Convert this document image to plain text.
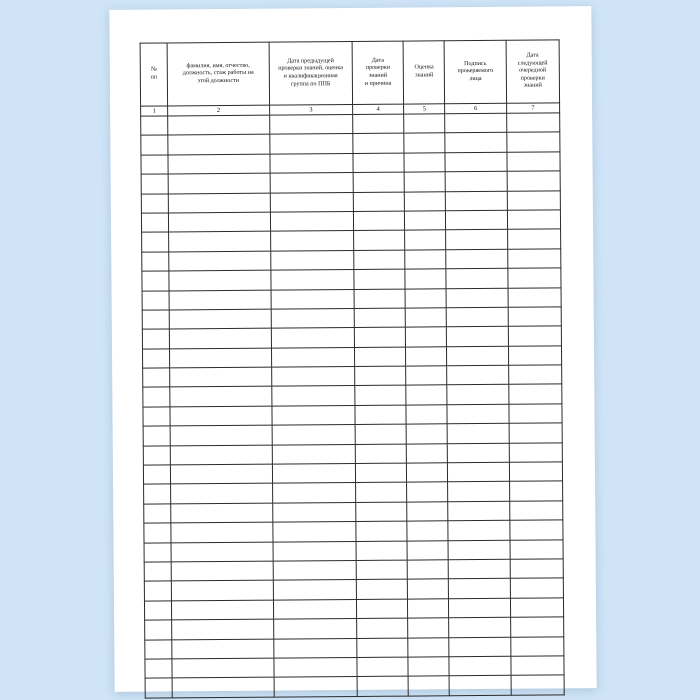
№
пп	фамилия, имя, отчество,
должность, стаж работы на
этой должности	Дата предыдущей
проверки знаний, оценка
и квалификационная
группа по ППБ	Дата
проверки
знаний
и причина	Оценка
знаний	Подпись
проверяемого
лица	Дата
следующей
очередной
проверки
знаний

1	2	3	4	5	6	7
